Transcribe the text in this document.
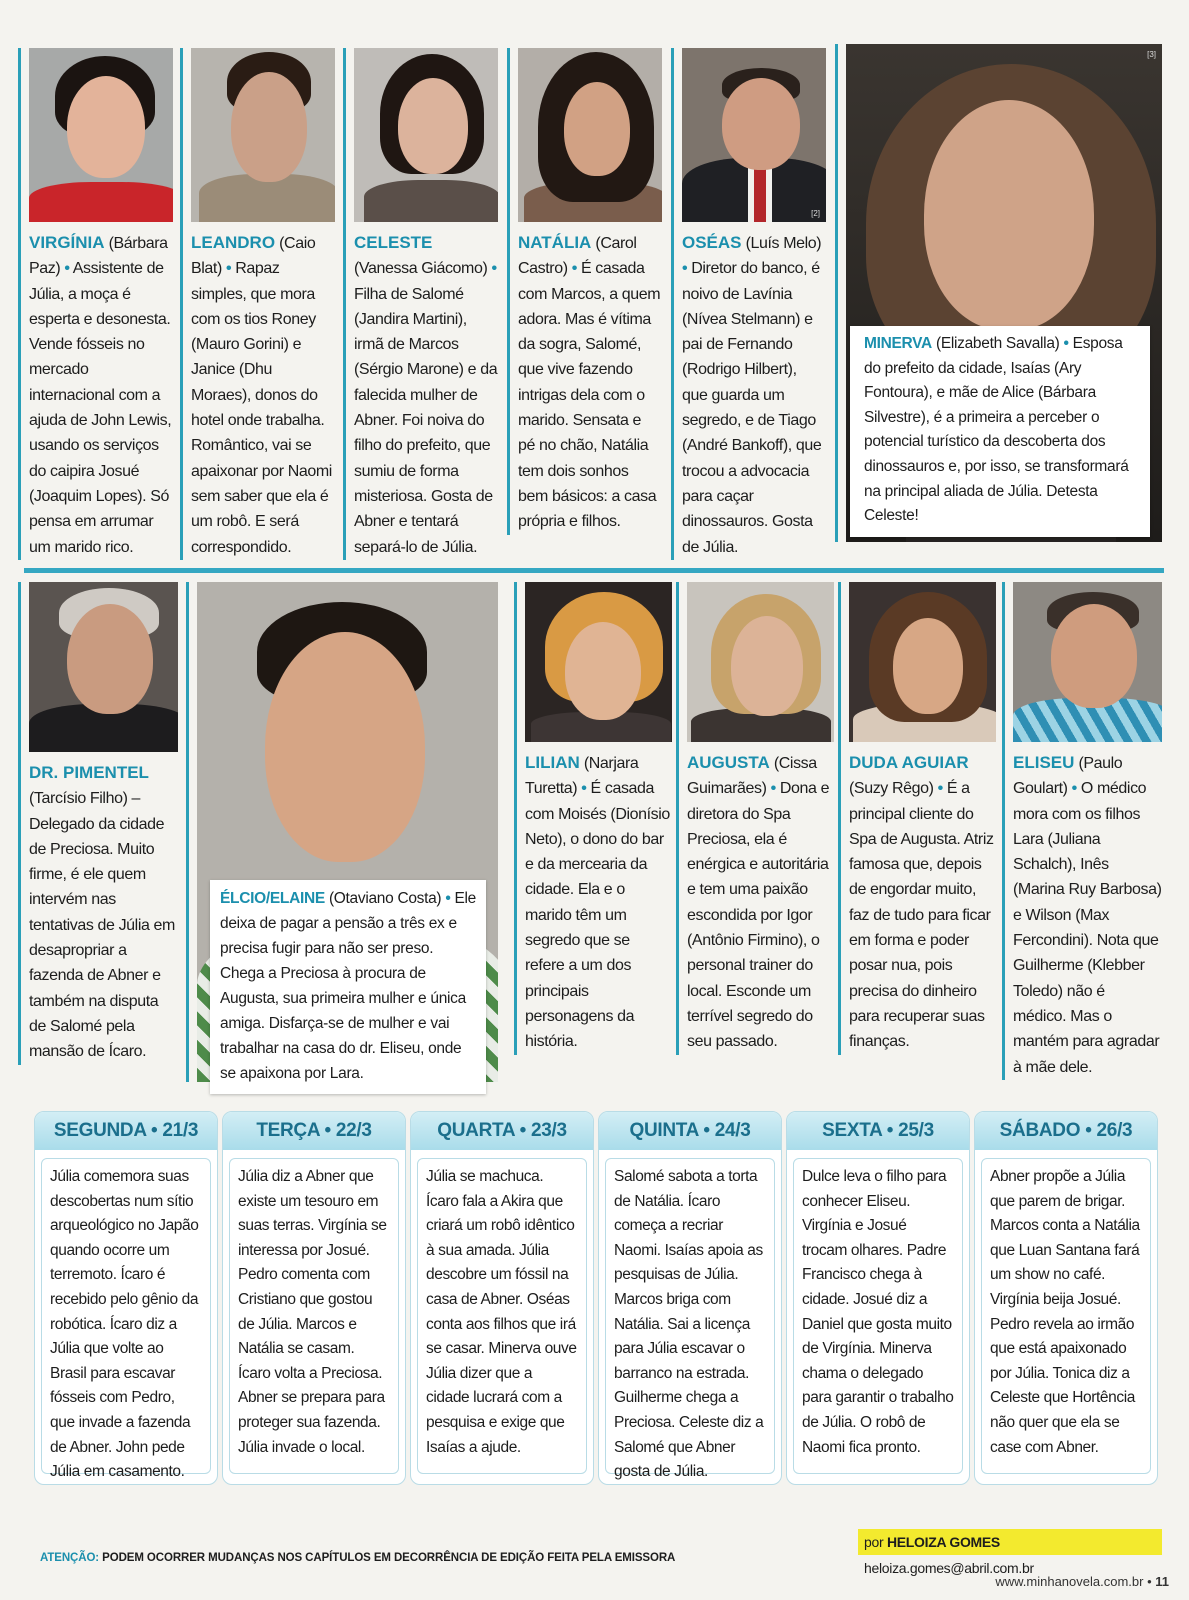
VIRGÍNIA (Bárbara Paz) • Assistente de Júlia, a moça é esperta e desonesta. Vende fósseis no mercado internacional com a ajuda de John Lewis, usando os serviços do caipira Josué (Joaquim Lopes). Só pensa em arrumar um marido rico.
LEANDRO (Caio Blat) • Rapaz simples, que mora com os tios Roney (Mauro Gorini) e Janice (Dhu Moraes), donos do hotel onde trabalha. Romântico, vai se apaixonar por Naomi sem saber que ela é um robô. E será correspondido.
CELESTE (Vanessa Giácomo) • Filha de Salomé (Jandira Martini), irmã de Marcos (Sérgio Marone) e da falecida mulher de Abner. Foi noiva do filho do prefeito, que sumiu de forma misteriosa. Gosta de Abner e tentará separá-lo de Júlia.
NATÁLIA (Carol Castro) • É casada com Marcos, a quem adora. Mas é vítima da sogra, Salomé, que vive fazendo intrigas dela com o marido. Sensata e pé no chão, Natália tem dois sonhos bem básicos: a casa própria e filhos.
[2]
OSÉAS (Luís Melo) • Diretor do banco, é noivo de Lavínia (Nívea Stelmann) e pai de Fernando (Rodrigo Hilbert), que guarda um segredo, e de Tiago (André Bankoff), que trocou a advocacia para caçar dinossauros. Gosta de Júlia.
[3]
MINERVA (Elizabeth Savalla) • Esposa do prefeito da cidade, Isaías (Ary Fontoura), e mãe de Alice (Bárbara Silvestre), é a primeira a perceber o potencial turístico da descoberta dos dinossauros e, por isso, se transformará na principal aliada de Júlia. Detesta Celeste!
DR. PIMENTEL (Tarcísio Filho) – Delegado da cidade de Preciosa. Muito firme, é ele quem intervém nas tentativas de Júlia em desapropriar a fazenda de Abner e também na disputa de Salomé pela mansão de Ícaro.
ÉLCIO/ELAINE (Otaviano Costa) • Ele deixa de pagar a pensão a três ex e precisa fugir para não ser preso. Chega a Preciosa à procura de Augusta, sua primeira mulher e única amiga. Disfarça-se de mulher e vai trabalhar na casa do dr. Eliseu, onde se apaixona por Lara.
LILIAN (Narjara Turetta) • É casada com Moisés (Dionísio Neto), o dono do bar e da mercearia da cidade. Ela e o marido têm um segredo que se refere a um dos principais personagens da história.
AUGUSTA (Cissa Guimarães) • Dona e diretora do Spa Preciosa, ela é enérgica e autoritária e tem uma paixão escondida por Igor (Antônio Firmino), o personal trainer do local. Esconde um terrível segredo do seu passado.
DUDA AGUIAR (Suzy Rêgo) • É a principal cliente do Spa de Augusta. Atriz famosa que, depois de engordar muito, faz de tudo para ficar em forma e poder posar nua, pois precisa do dinheiro para recuperar suas finanças.
ELISEU (Paulo Goulart) • O médico mora com os filhos Lara (Juliana Schalch), Inês (Marina Ruy Barbosa) e Wilson (Max Fercondini). Nota que Guilherme (Klebber Toledo) não é médico. Mas o mantém para agradar à mãe dele.
SEGUNDA • 21/3
Júlia comemora suas descobertas num sítio arqueológico no Japão quando ocorre um terremoto. Ícaro é recebido pelo gênio da robótica. Ícaro diz a Júlia que volte ao Brasil para escavar fósseis com Pedro, que invade a fazenda de Abner. John pede Júlia em casamento.
TERÇA • 22/3
Júlia diz a Abner que existe um tesouro em suas terras. Virgínia se interessa por Josué. Pedro comenta com Cristiano que gostou de Júlia. Marcos e Natália se casam. Ícaro volta a Preciosa. Abner se prepara para proteger sua fazenda. Júlia invade o local.
QUARTA • 23/3
Júlia se machuca. Ícaro fala a Akira que criará um robô idêntico à sua amada. Júlia descobre um fóssil na casa de Abner. Oséas conta aos filhos que irá se casar. Minerva ouve Júlia dizer que a cidade lucrará com a pesquisa e exige que Isaías a ajude.
QUINTA • 24/3
Salomé sabota a torta de Natália. Ícaro começa a recriar Naomi. Isaías apoia as pesquisas de Júlia. Marcos briga com Natália. Sai a licença para Júlia escavar o barranco na estrada. Guilherme chega a Preciosa. Celeste diz a Salomé que Abner gosta de Júlia.
SEXTA • 25/3
Dulce leva o filho para conhecer Eliseu. Virgínia e Josué trocam olhares. Padre Francisco chega à cidade. Josué diz a Daniel que gosta muito de Virgínia. Minerva chama o delegado para garantir o trabalho de Júlia. O robô de Naomi fica pronto.
SÁBADO • 26/3
Abner propõe a Júlia que parem de brigar. Marcos conta a Natália que Luan Santana fará um show no café. Virgínia beija Josué. Pedro revela ao irmão que está apaixonado por Júlia. Tonica diz a Celeste que Hortência não quer que ela se case com Abner.
por HELOIZA GOMES heloiza.gomes@abril.com.br
ATENÇÃO: PODEM OCORRER MUDANÇAS NOS CAPÍTULOS EM DECORRÊNCIA DE EDIÇÃO FEITA PELA EMISSORA
www.minhanovela.com.br • 11
